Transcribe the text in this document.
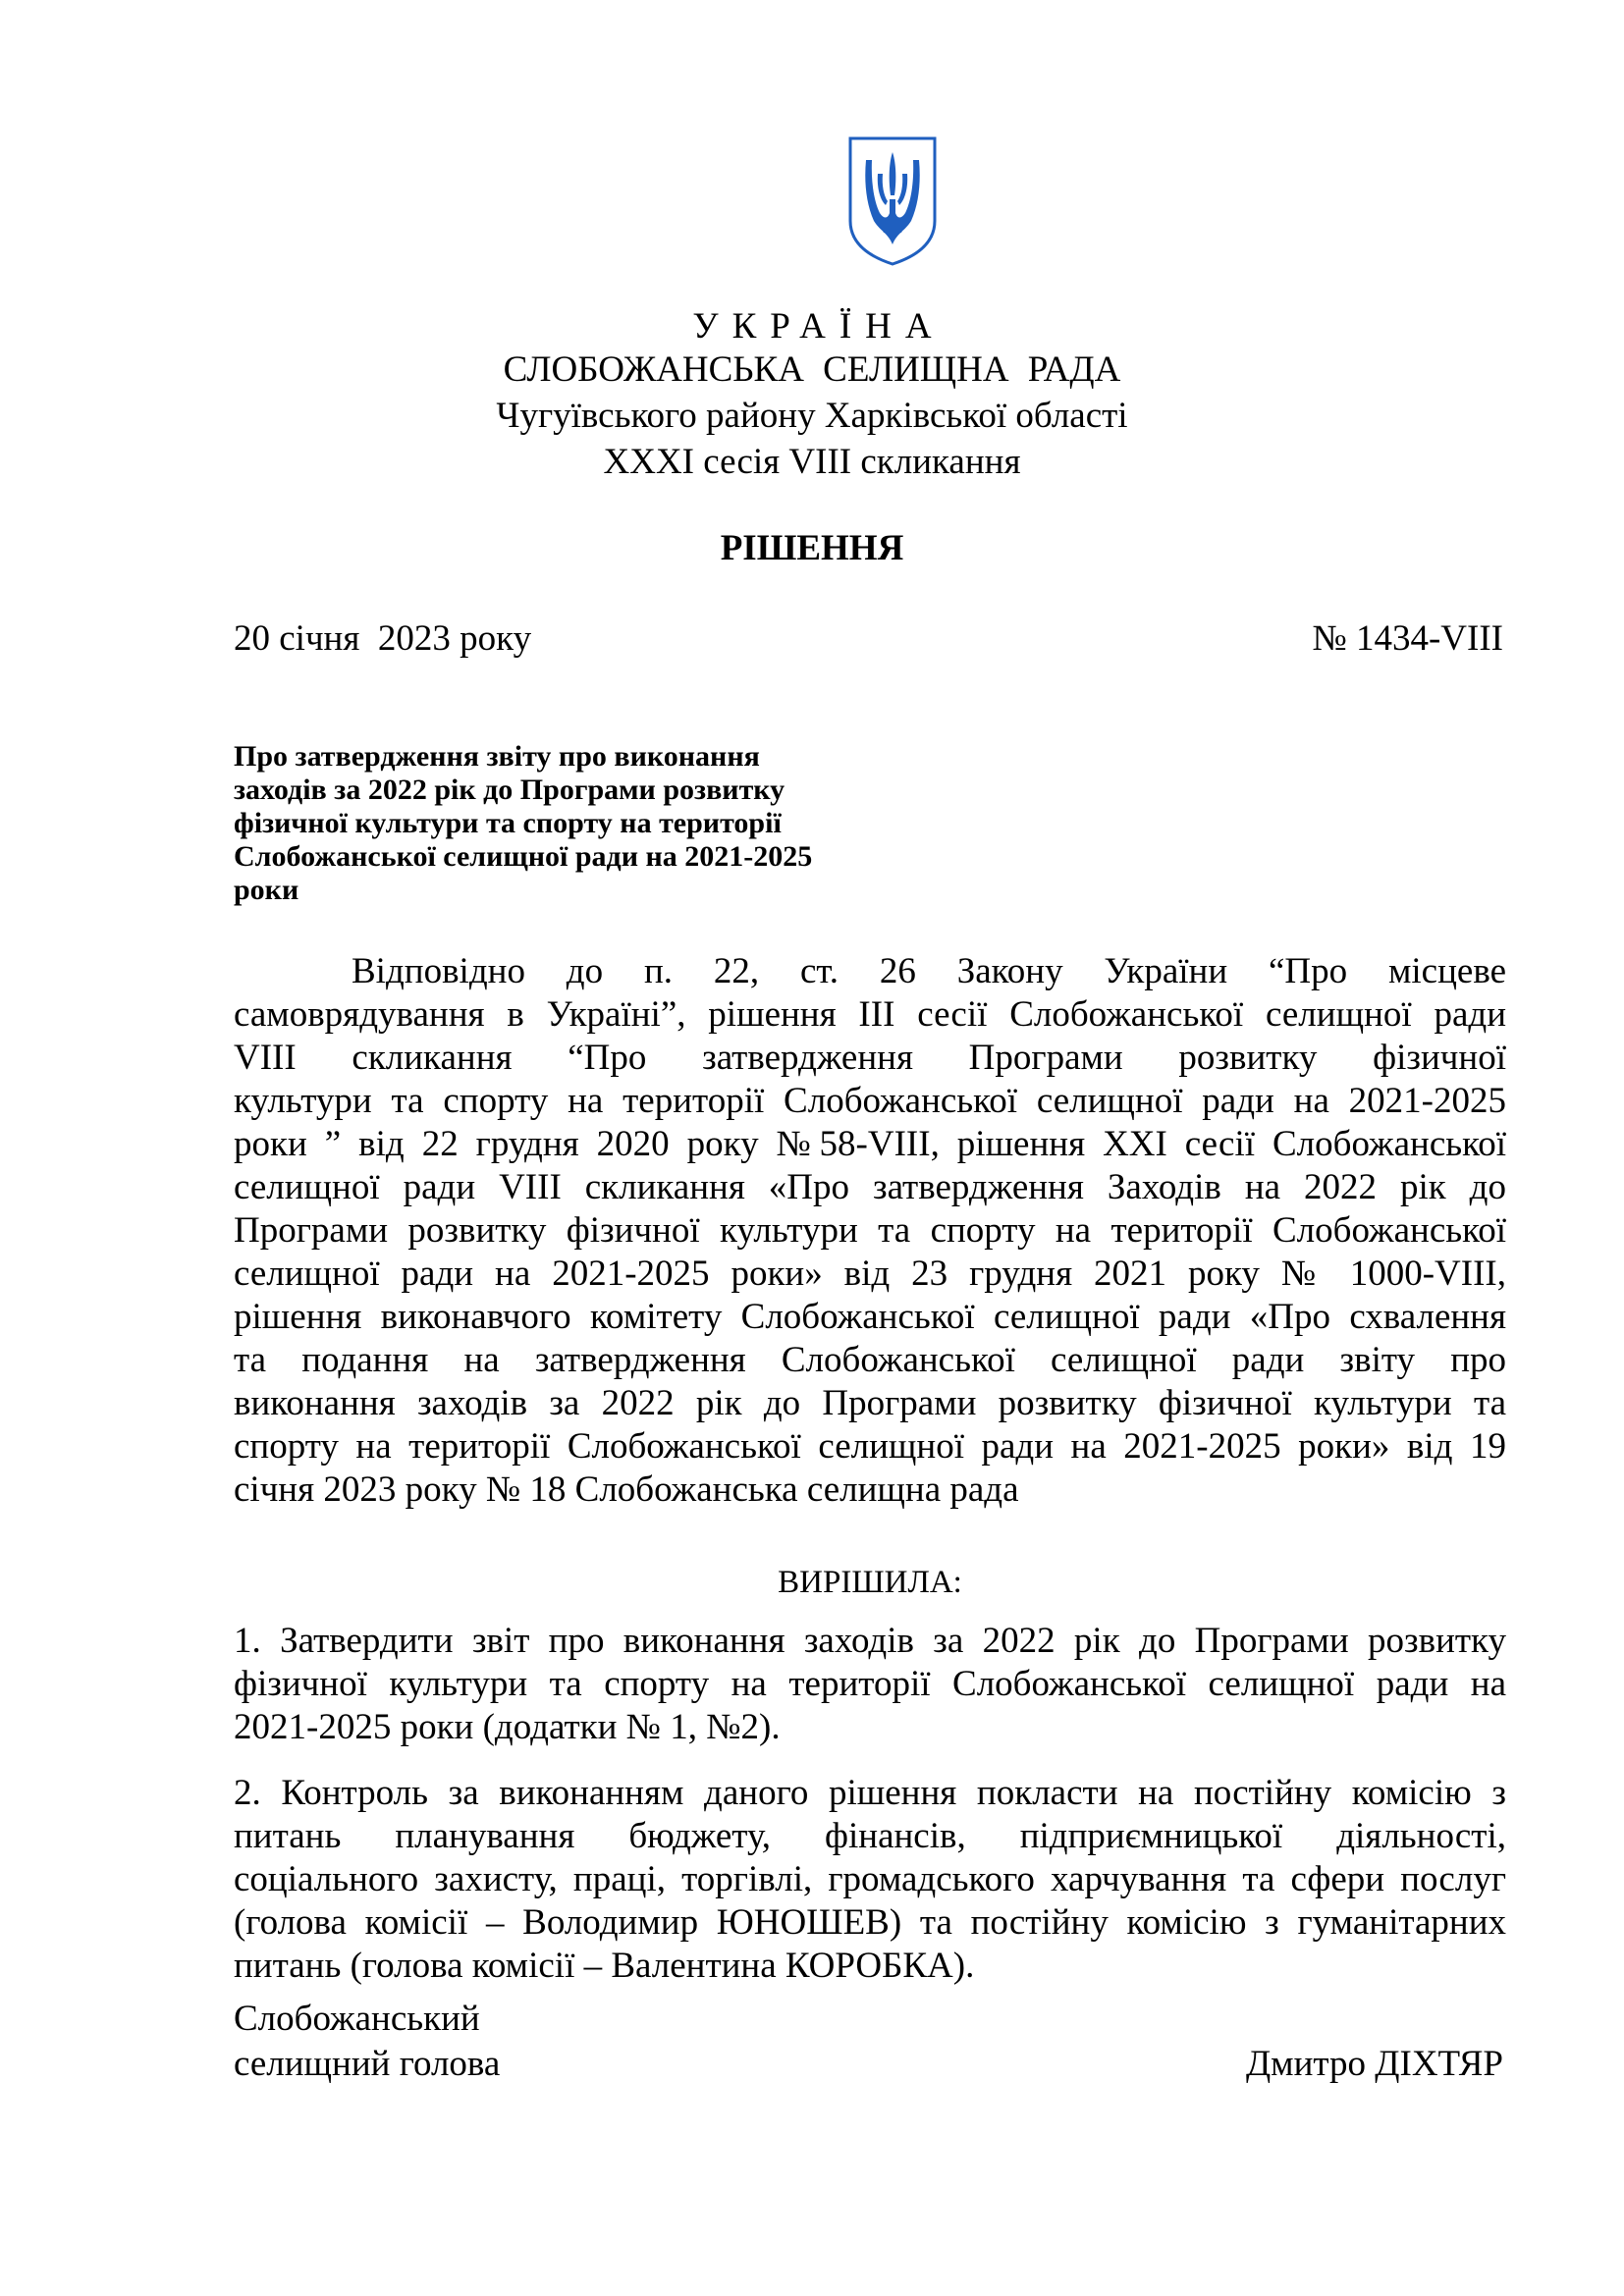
УКРАЇНА
СЛОБОЖАНСЬКА СЕЛИЩНА РАДА
Чугуївського району Харківської області
XXXI сесія VIII скликання
РІШЕННЯ
20 січня  2023 року	№ 1434-VIII
Про затвердження звіту про виконання
заходів за 2022 рік до Програми розвитку
фізичної культури та спорту на території
Слобожанської селищної ради на 2021-2025
роки
Відповідно до п. 22, ст. 26 Закону України “Про місцеве
самоврядування в Україні”, рішення ІІІ сесії Слобожанської селищної ради
VIII скликання “Про затвердження Програми розвитку фізичної
культури та спорту на території Слобожанської селищної ради на 2021-2025
роки ” від 22 грудня 2020 року №58-VIII, рішення ХХІ сесії Слобожанської
селищної ради VIII скликання «Про затвердження Заходів на 2022 рік до
Програми розвитку фізичної культури та спорту на території Слобожанської
селищної ради на 2021-2025 роки» від 23 грудня 2021 року № 1000-VIII,
рішення виконавчого комітету Слобожанської селищної ради «Про схвалення
та подання на затвердження Слобожанської селищної ради звіту про
виконання заходів за 2022 рік до Програми розвитку фізичної культури та
спорту на території Слобожанської селищної ради на 2021-2025 роки» від 19
січня 2023 року № 18 Слобожанська селищна рада
ВИРІШИЛА:
1. Затвердити звіт про виконання заходів за 2022 рік до Програми розвитку
фізичної культури та спорту на території Слобожанської селищної ради на
2021-2025 роки (додатки № 1, №2).
2. Контроль за виконанням даного рішення покласти на постійну комісію з
питань планування бюджету, фінансів, підприємницької діяльності,
соціального захисту, праці, торгівлі, громадського харчування та сфери послуг
(голова комісії – Володимир ЮНОШЕВ) та постійну комісію з гуманітарних
питань (голова комісії – Валентина КОРОБКА).
Слобожанський
селищний голова	Дмитро ДІХТЯР
